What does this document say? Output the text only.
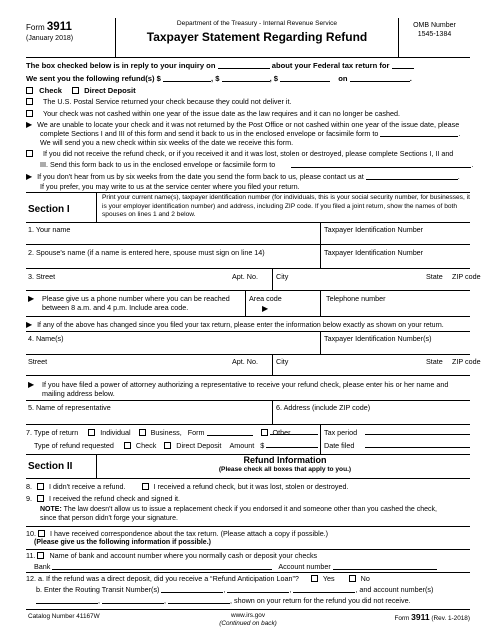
Form 3911
(January 2018)
Department of the Treasury - Internal Revenue Service
Taxpayer Statement Regarding Refund
OMB Number
1545-1384
The box checked below is in reply to your inquiry on	about your Federal tax return for
We sent you the following refund(s) $	, $	, $	on	.
Check	Direct Deposit
The U.S. Postal Service returned your check because they could not deliver it.
Your check was not cashed within one year of the issue date as the law requires and it can no longer be cashed.
▶ We are unable to locate your check and it was not returned by the Post Office or not cashed within one year of the issue date, please
complete Sections I and III of this form and send it back to us in the enclosed envelope or facsimile form to	.
We will send you a new check within six weeks of the date we receive this form.
If you did not receive the refund check, or if you received it and it was lost, stolen or destroyed, please complete Sections I, II and
III. Send this form back to us in the enclosed envelope or facsimile form to	.
▶ If you don't hear from us by six weeks from the date you send the form back to us, please contact us at	.
If you prefer, you may write to us at the service center where you filed your return.
Section I
Print your current name(s), taxpayer identification number (for individuals, this is your social security number, for businesses, it is your employer identification number) and address, including ZIP code. If you filed a joint return, show the names of both spouses on lines 1 and 2 below.
1. Your name	Taxpayer Identification Number
2. Spouse's name (if a name is entered here, spouse must sign on line 14)	Taxpayer Identification Number
3. Street	Apt. No.	City	State ZIP code
▶	Please give us a phone number where you can be reached
between 8 a.m. and 4 p.m. Include area code.	▶
Area code	Telephone number
▶ If any of the above has changed since you filed your tax return, please enter the information below exactly as shown on your return.
4. Name(s)	Taxpayer Identification Number(s)
Street	Apt. No.	City	State ZIP code
▶	If you have filed a power of attorney authorizing a representative to receive your refund check, please enter his or her name and
mailing address below.
5. Name of representative	6. Address (include ZIP code)
7. Type of return	Individual	Business, Form	Other	Tax period
Type of refund requested	Check	Direct Deposit Amount $	Date filed
Section II
Refund Information
(Please check all boxes that apply to you.)
8. I didn't receive a refund.	I received a refund check, but it was lost, stolen or destroyed.
9. I received the refund check and signed it.
NOTE: The law doesn't allow us to issue a replacement check if you endorsed it and someone other than you cashed the check,
since that person didn't forge your signature.
10. I have received correspondence about the tax return. (Please attach a copy if possible.)
(Please give us the following information if possible.)
11. Name of bank and account number where you normally cash or deposit your checks
Bank	Account number
12. a. If the refund was a direct deposit, did you receive a “Refund Anticipation Loan”?	Yes	No
b. Enter the Routing Transit Number(s)	,	,	, and account number(s)
,	,	, shown on your return for the refund you did not receive.
Catalog Number 41167W	www.irs.gov
(Continued on back)
Form 3911 (Rev. 1-2018)
